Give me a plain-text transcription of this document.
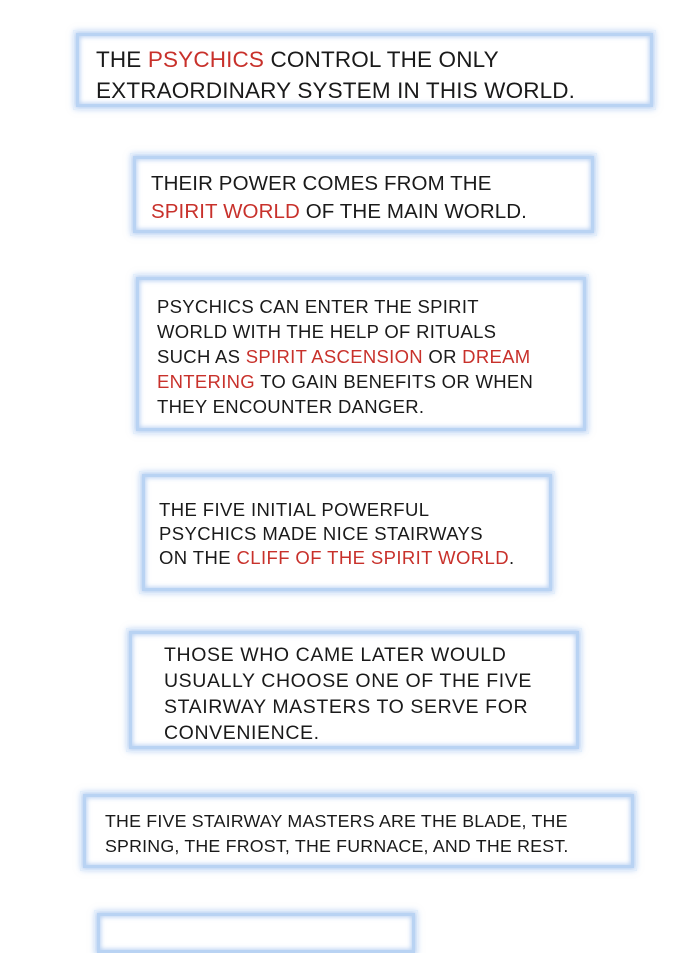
THE PSYCHICS CONTROL THE ONLY
EXTRAORDINARY SYSTEM IN THIS WORLD.

THEIR POWER COMES FROM THE
SPIRIT WORLD OF THE MAIN WORLD.

PSYCHICS CAN ENTER THE SPIRIT
WORLD WITH THE HELP OF RITUALS
SUCH AS SPIRIT ASCENSION OR DREAM
ENTERING TO GAIN BENEFITS OR WHEN
THEY ENCOUNTER DANGER.

THE FIVE INITIAL POWERFUL
PSYCHICS MADE NICE STAIRWAYS
ON THE CLIFF OF THE SPIRIT WORLD.

THOSE WHO CAME LATER WOULD
USUALLY CHOOSE ONE OF THE FIVE
STAIRWAY MASTERS TO SERVE FOR
CONVENIENCE.

THE FIVE STAIRWAY MASTERS ARE THE BLADE, THE
SPRING, THE FROST, THE FURNACE, AND THE REST.
